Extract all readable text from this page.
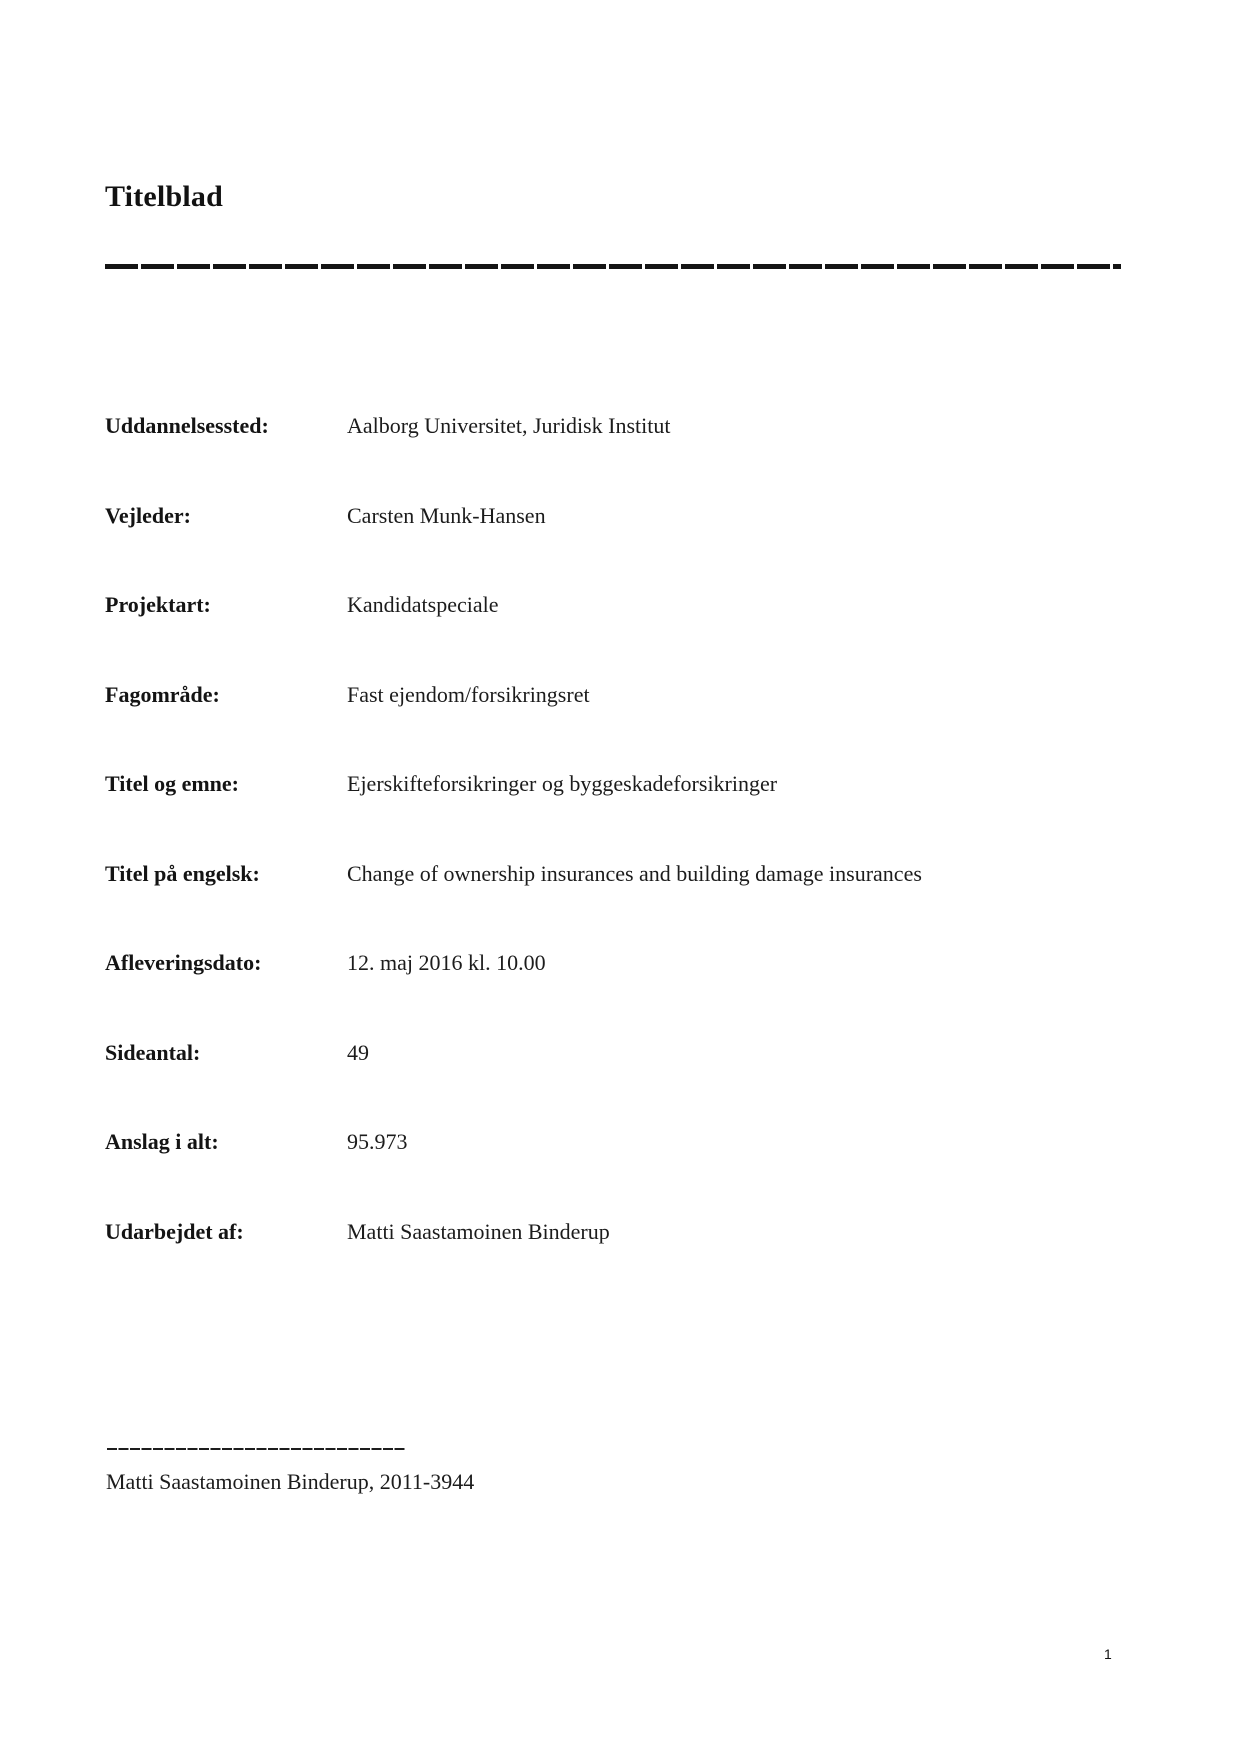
Titelblad
Uddannelsessted:	Aalborg Universitet, Juridisk Institut
Vejleder:	Carsten Munk-Hansen
Projektart:	Kandidatspeciale
Fagområde:	Fast ejendom/forsikringsret
Titel og emne:	Ejerskifteforsikringer og byggeskadeforsikringer
Titel på engelsk:	Change of ownership insurances and building damage insurances
Afleveringsdato:	12. maj 2016 kl. 10.00
Sideantal:	49
Anslag i alt:	95.973
Udarbejdet af:	Matti Saastamoinen Binderup
Matti Saastamoinen Binderup, 2011-3944
1
